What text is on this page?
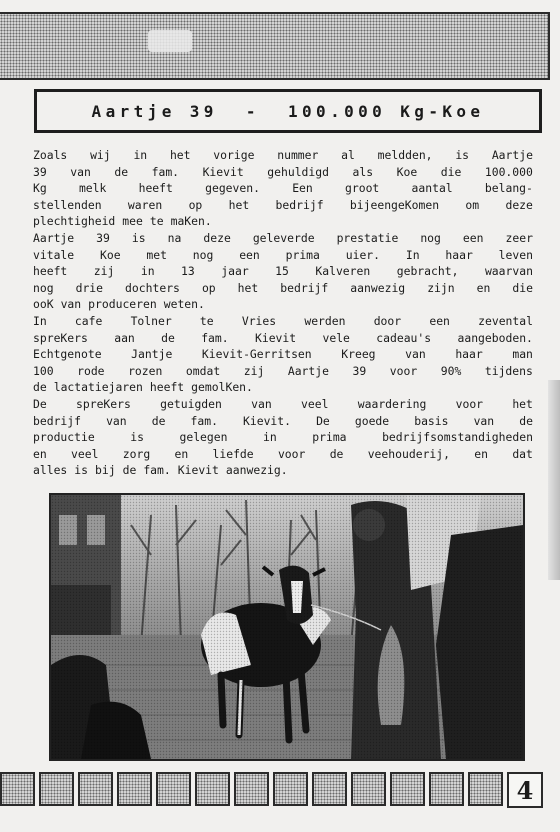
Aartje 39  -  100.000 Kg-Koe
Zoals wij in het vorige nummer al meldden, is Aartje
39 van de fam. Kievit gehuldigd als Koe die 100.000
Kg	melk	heeft	gegeven.	Een	groot	aantal	belang-
stellenden waren op het bedrijf bijeengeKomen om deze
plechtigheid mee te maKen.
Aartje 39 is na deze geleverde prestatie nog een zeer
vitale Koe met nog een prima uier. In haar leven
heeft zij in 13 jaar 15 Kalveren gebracht, waarvan
nog drie dochters op het bedrijf aanwezig zijn en die
ooK van produceren weten.
In cafe Tolner te Vries werden door een zevental
spreKers aan de fam. Kievit vele cadeau's aangeboden.
Echtgenote	Jantje	Kievit-Gerritsen	Kreeg	van	haar	man
100 rode rozen omdat zij Aartje 39 voor 90% tijdens
de lactatiejaren heeft gemolKen.
De	spreKers	getuigden	van	veel	waardering	voor	het
bedrijf van de fam. Kievit. De goede basis van de
productie	is	gelegen	in	prima	bedrijfsomstandigheden
en veel zorg en liefde voor de veehouderij, en dat
alles is bij de fam. Kievit aanwezig.
4
